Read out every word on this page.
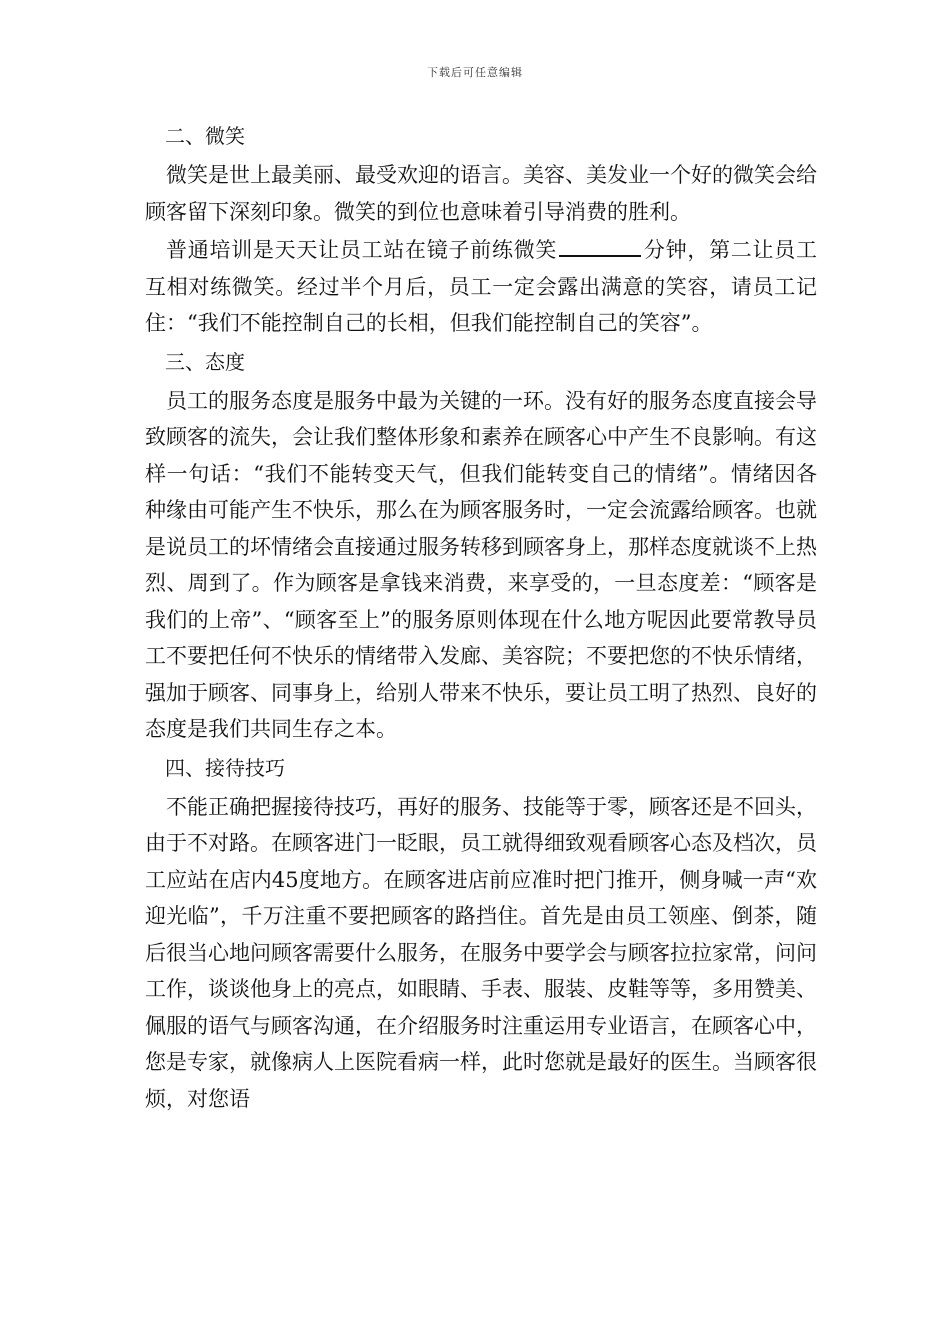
下载后可任意编辑
二、微笑
微笑是世上最美丽、最受欢迎的语言。美容、美发业一个好的微笑会给顾客留下深刻印象。微笑的到位也意味着引导消费的胜利。
普通培训是天天让员工站在镜子前练微笑	分钟，第二让员工互相对练微笑。经过半个月后，员工一定会露出满意的笑容，请员工记住：“我们不能控制自己的长相，但我们能控制自己的笑容”。
三、态度
员工的服务态度是服务中最为关键的一环。没有好的服务态度直接会导致顾客的流失，会让我们整体形象和素养在顾客心中产生不良影响。有这样一句话：“我们不能转变天气，但我们能转变自己的情绪”。情绪因各种缘由可能产生不快乐，那么在为顾客服务时，一定会流露给顾客。也就是说员工的坏情绪会直接通过服务转移到顾客身上，那样态度就谈不上热烈、周到了。作为顾客是拿钱来消费，来享受的，一旦态度差：“顾客是我们的上帝”、“顾客至上”的服务原则体现在什么地方呢因此要常教导员工不要把任何不快乐的情绪带入发廊、美容院；不要把您的不快乐情绪，强加于顾客、同事身上，给别人带来不快乐，要让员工明了热烈、良好的态度是我们共同生存之本。
四、接待技巧
不能正确把握接待技巧，再好的服务、技能等于零，顾客还是不回头，由于不对路。在顾客进门一眨眼，员工就得细致观看顾客心态及档次，员工应站在店内45度地方。在顾客进店前应准时把门推开，侧身喊一声“欢迎光临”，千万注重不要把顾客的路挡住。首先是由员工领座、倒茶，随后很当心地问顾客需要什么服务，在服务中要学会与顾客拉拉家常，问问工作，谈谈他身上的亮点，如眼睛、手表、服装、皮鞋等等，多用赞美、佩服的语气与顾客沟通，在介绍服务时注重运用专业语言，在顾客心中，您是专家，就像病人上医院看病一样，此时您就是最好的医生。当顾客很烦，对您语
